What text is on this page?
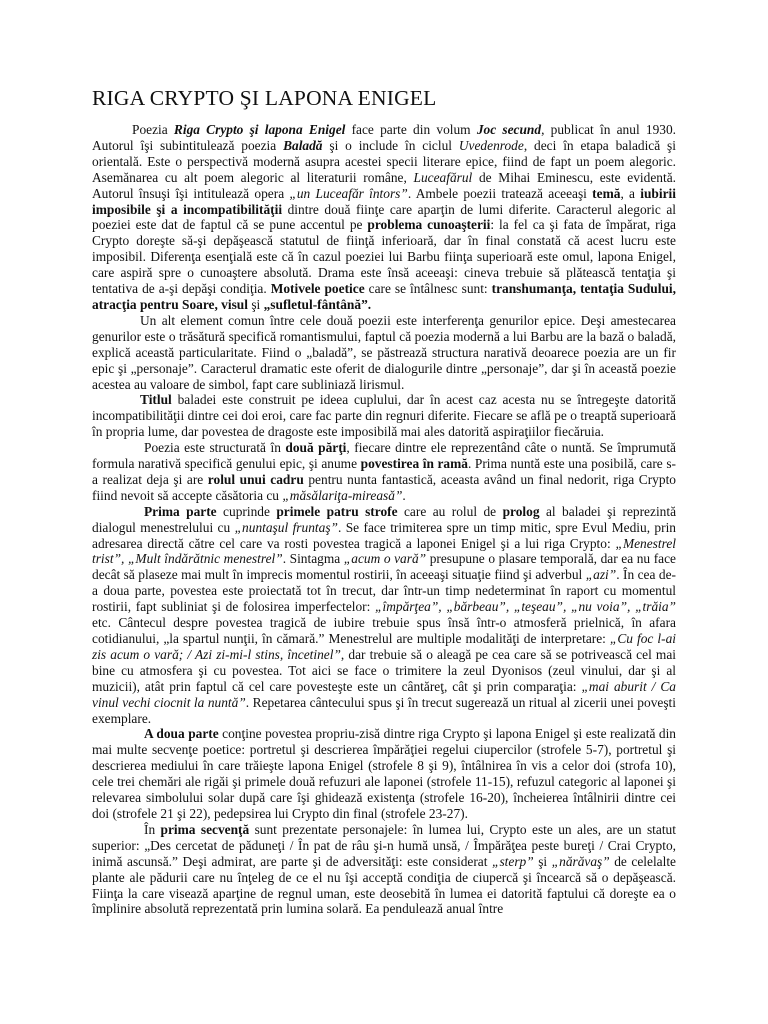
RIGA CRYPTO ŞI LAPONA ENIGEL

Poezia Riga Crypto şi lapona Enigel face parte din volum Joc secund, publicat în anul 1930. Autorul îşi subintitulează poezia Baladă şi o include în ciclul Uvedenrode, deci în etapa baladică şi orientală. Este o perspectivă modernă asupra acestei specii literare epice, fiind de fapt un poem alegoric. Asemănarea cu alt poem alegoric al literaturii române, Luceafărul de Mihai Eminescu, este evidentă. Autorul însuşi îşi intitulează opera „un Luceafăr întors”. Ambele poezii tratează aceeaşi temă, a iubirii imposibile şi a incompatibilităţii dintre două fiinţe care aparţin de lumi diferite. Caracterul alegoric al poeziei este dat de faptul că se pune accentul pe problema cunoaşterii: la fel ca şi fata de împărat, riga Crypto doreşte să-şi depăşească statutul de fiinţă inferioară, dar în final constată că acest lucru este imposibil. Diferenţa esenţială este că în cazul poeziei lui Barbu fiinţa superioară este omul, lapona Enigel, care aspiră spre o cunoaştere absolută. Drama este însă aceeaşi: cineva trebuie să plătească tentaţia şi tentativa de a-şi depăşi condiţia. Motivele poetice care se întâlnesc sunt: transhumanţa, tentaţia Sudului, atracţia pentru Soare, visul şi „sufletul-fântână”.

Un alt element comun între cele două poezii este interferenţa genurilor epice. Deşi amestecarea genurilor este o trăsătură specifică romantismului, faptul că poezia modernă a lui Barbu are la bază o baladă, explică această particularitate. Fiind o „baladă”, se păstrează structura narativă deoarece poezia are un fir epic şi „personaje”. Caracterul dramatic este oferit de dialogurile dintre „personaje”, dar şi în această poezie acestea au valoare de simbol, fapt care subliniază lirismul.

Titlul baladei este construit pe ideea cuplului, dar în acest caz acesta nu se întregeşte datorită incompatibilităţii dintre cei doi eroi, care fac parte din regnuri diferite. Fiecare se află pe o treaptă superioară în propria lume, dar povestea de dragoste este imposibilă mai ales datorită aspiraţiilor fiecăruia.

Poezia este structurată în două părţi, fiecare dintre ele reprezentând câte o nuntă. Se împrumută formula narativă specifică genului epic, şi anume povestirea în ramă. Prima nuntă este una posibilă, care s-a realizat deja şi are rolul unui cadru pentru nunta fantastică, aceasta având un final nedorit, riga Crypto fiind nevoit să accepte căsătoria cu „măsălariţa-mireasă”.

Prima parte cuprinde primele patru strofe care au rolul de prolog al baladei şi reprezintă dialogul menestrelului cu „nuntaşul fruntaş”. Se face trimiterea spre un timp mitic, spre Evul Mediu, prin adresarea directă către cel care va rosti povestea tragică a laponei Enigel şi a lui riga Crypto: „Menestrel trist”, „Mult îndărătnic menestrel”. Sintagma „acum o vară” presupune o plasare temporală, dar ea nu face decât să plaseze mai mult în imprecis momentul rostirii, în aceeaşi situaţie fiind şi adverbul „azi”. În cea de-a doua parte, povestea este proiectată tot în trecut, dar într-un timp nedeterminat în raport cu momentul rostirii, fapt subliniat şi de folosirea imperfectelor: „împărţea”, „bărbeau”, „teşeau”, „nu voia”, „trăia” etc. Cântecul despre povestea tragică de iubire trebuie spus însă într-o atmosferă prielnică, în afara cotidianului, „la spartul nunţii, în cămară.” Menestrelul are multiple modalităţi de interpretare: „Cu foc l-ai zis acum o vară; / Azi zi-mi-l stins, încetinel”, dar trebuie să o aleagă pe cea care să se potrivească cel mai bine cu atmosfera şi cu povestea. Tot aici se face o trimitere la zeul Dyonisos (zeul vinului, dar şi al muzicii), atât prin faptul că cel care povesteşte este un cântăreţ, cât şi prin comparaţia: „mai aburit / Ca vinul vechi ciocnit la nuntă”. Repetarea cântecului spus şi în trecut sugerează un ritual al zicerii unei poveşti exemplare.

A doua parte conţine povestea propriu-zisă dintre riga Crypto şi lapona Enigel şi este realizată din mai multe secvenţe poetice: portretul şi descrierea împărăţiei regelui ciupercilor (strofele 5-7), portretul şi descrierea mediului în care trăieşte lapona Enigel (strofele 8 şi 9), întâlnirea în vis a celor doi (strofa 10), cele trei chemări ale rigăi şi primele două refuzuri ale laponei (strofele 11-15), refuzul categoric al laponei şi relevarea simbolului solar după care îşi ghidează existenţa (strofele 16-20), încheierea întâlnirii dintre cei doi (strofele 21 şi 22), pedepsirea lui Crypto din final (strofele 23-27).

În prima secvenţă sunt prezentate personajele: în lumea lui, Crypto este un ales, are un statut superior: „Des cercetat de păduneţi / În pat de râu şi-n humă unsă, / Împărăţea peste bureţi / Crai Crypto, inimă ascunsă.” Deşi admirat, are parte şi de adversităţi: este considerat „sterp” şi „nărăvaş” de celelalte plante ale pădurii care nu înţeleg de ce el nu îşi acceptă condiţia de ciupercă şi încearcă să o depăşească. Fiinţa la care visează aparţine de regnul uman, este deosebită în lumea ei datorită faptului că doreşte ea o împlinire absolută reprezentată prin lumina solară. Ea pendulează anual între
